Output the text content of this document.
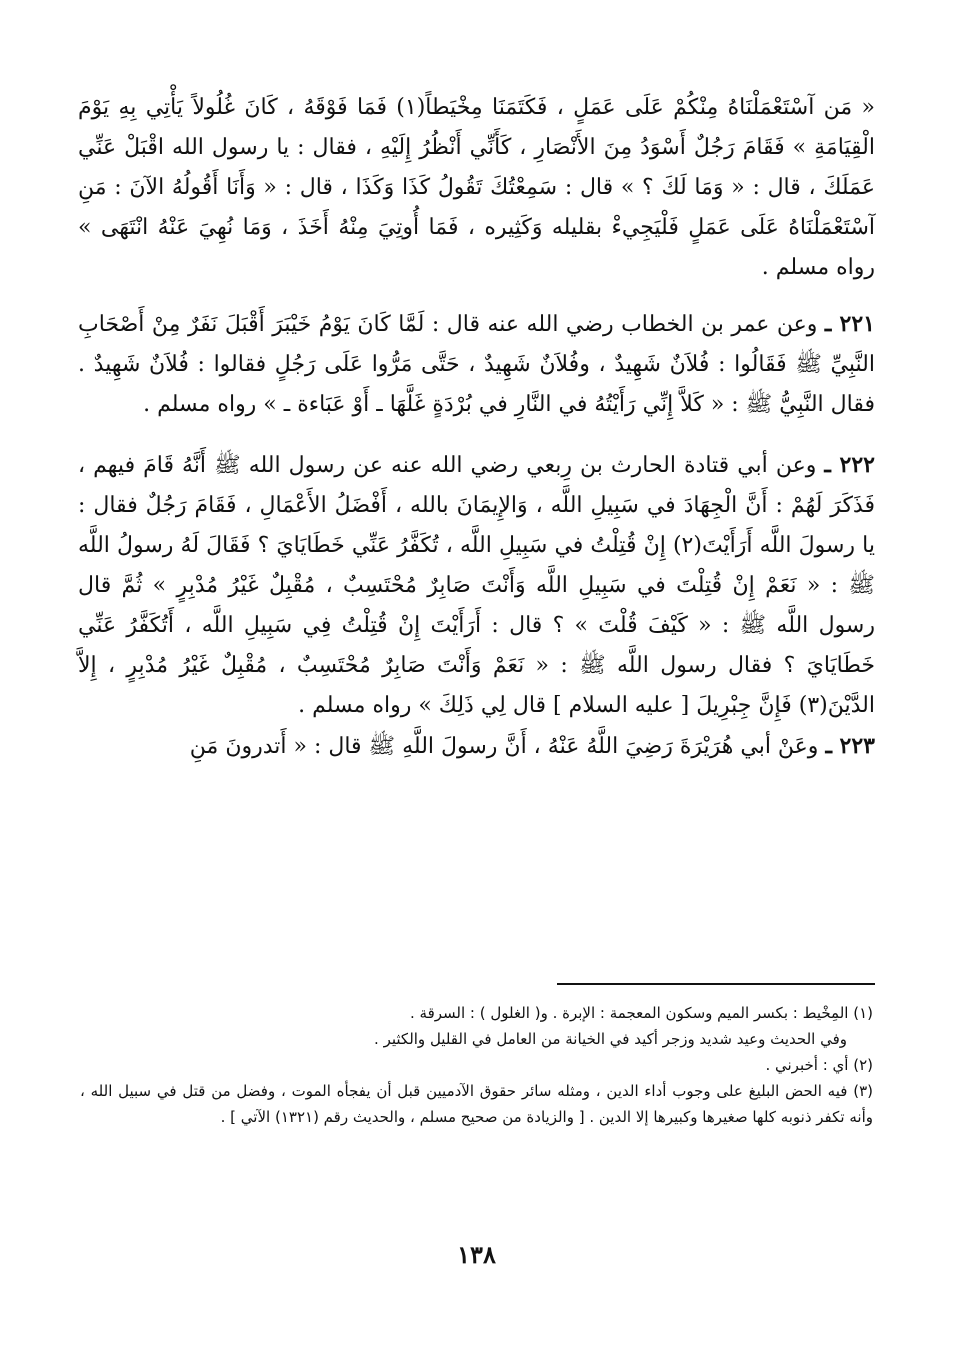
« مَن آسْتَعْمَلْنَاهُ مِنْكُمْ عَلَى عَمَلٍ ، فَكَتَمَنَا مِخْيَطاً(١) فَمَا فَوْقَهُ ، كَانَ غُلُولاً يَأْتِي بِهِ يَوْمَ الْقِيَامَةِ » فَقَامَ رَجُلٌ أَسْوَدُ مِنَ الأَنْصَارِ ، كَأَنِّي أَنْظُرُ إِلَيْهِ ، فقال : يا رسول الله اقْبَلْ عَنِّي عَمَلَكَ ، قال : « وَمَا لَكَ ؟ » قال : سَمِعْتُكَ تَقُولُ كَذَا وَكَذَا ، قال : « وَأَنَا أَقُولُهُ الآنَ : مَنِ آسْتَعْمَلْنَاهُ عَلَى عَمَلٍ فَلْيَجِيءْ بقليله وَكَثِيره ، فَمَا أُوتِيَ مِنْهُ أَخَذَ ، وَمَا نُهِيَ عَنْهُ انْتَهَى » رواه مسلم .

٢٢١ ـ وعن عمر بن الخطاب رضي الله عنه قال : لَمَّا كَانَ يَوْمُ خَيْبَرَ أَقْبَلَ نَفَرٌ مِنْ أَصْحَابِ النَّبِيِّ ﷺ فَقَالُوا : فُلاَنٌ شَهِيدٌ ، وفُلاَنٌ شَهِيدٌ ، حَتَّى مَرُّوا عَلَى رَجُلٍ فقالوا : فُلاَنٌ شَهِيدٌ . فقال النَّبِيُّ ﷺ : « كَلاَّ إِنِّي رَأَيْتُهُ في النَّارِ في بُرْدَةٍ غَلَّهَا ـ أَوْ عَبَاءة ـ » رواه مسلم .

٢٢٢ ـ وعن أبي قتادة الحارث بن رِبعي رضي الله عنه عن رسول الله ﷺ أَنَّهُ قَامَ فيهم ، فَذَكَرَ لَهُمْ : أَنَّ الْجِهَادَ في سَبِيلِ اللَّه ، وَالإِيمَانَ بالله ، أَفْضَلُ الأَعْمَالِ ، فَقَامَ رَجُلٌ فقال : يا رسولَ اللَّه أَرَأَيْتَ(٢) إِنْ قُتِلْتُ في سَبِيلِ اللَّه ، تُكَفَّرُ عَنِّي خَطَايَايَ ؟ فَقَالَ لَهُ رسولُ اللَّه ﷺ : « نَعَمْ إِنْ قُتِلْتَ في سَبِيلِ اللَّه وَأَنْتَ صَابِرٌ مُحْتَسِبٌ ، مُقْبِلٌ غَيْرُ مُدْبِرٍ » ثُمَّ قال رسول اللَّه ﷺ : « كَيْفَ قُلْتَ » ؟ قال : أَرَأَيْتَ إِنْ قُتِلْتُ فِي سَبِيلِ اللَّه ، أَتُكَفَّرُ عَنِّي خَطَايَايَ ؟ فقال رسول اللَّه ﷺ : « نَعَمْ وَأَنْتَ صَابِرٌ مُحْتَسِبٌ ، مُقْبِلٌ غَيْرُ مُدْبِرٍ ، إِلاَّ الدَّيْنَ(٣) فَإِنَّ جِبْرِيلَ [ عليه السلام ] قال لِي ذَلِكَ » رواه مسلم .

٢٢٣ ـ وعَنْ أبي هُرَيْرَةَ رَضِيَ اللَّهُ عَنْهُ ، أَنَّ رسولَ اللَّهِ ﷺ قال : « أَتدرونَ مَنِ

(١) المِخْيط : بكسر الميم وسكون المعجمة : الإبرة . و( الغلول ) : السرقة .

وفي الحديث وعيد شديد وزجر أكيد في الخيانة من العامل في القليل والكثير .

(٢) أي : أخبرني .

(٣) فيه الحض البليغ على وجوب أداء الدين ، ومثله سائر حقوق الآدميين قبل أن يفجأه الموت ، وفضل من قتل في سبيل الله ، وأنه تكفر ذنوبه كلها صغيرها وكبيرها إلا الدين . [ والزيادة من صحيح مسلم ، والحديث رقم (١٣٢١) الآتي ] .

١٣٨
